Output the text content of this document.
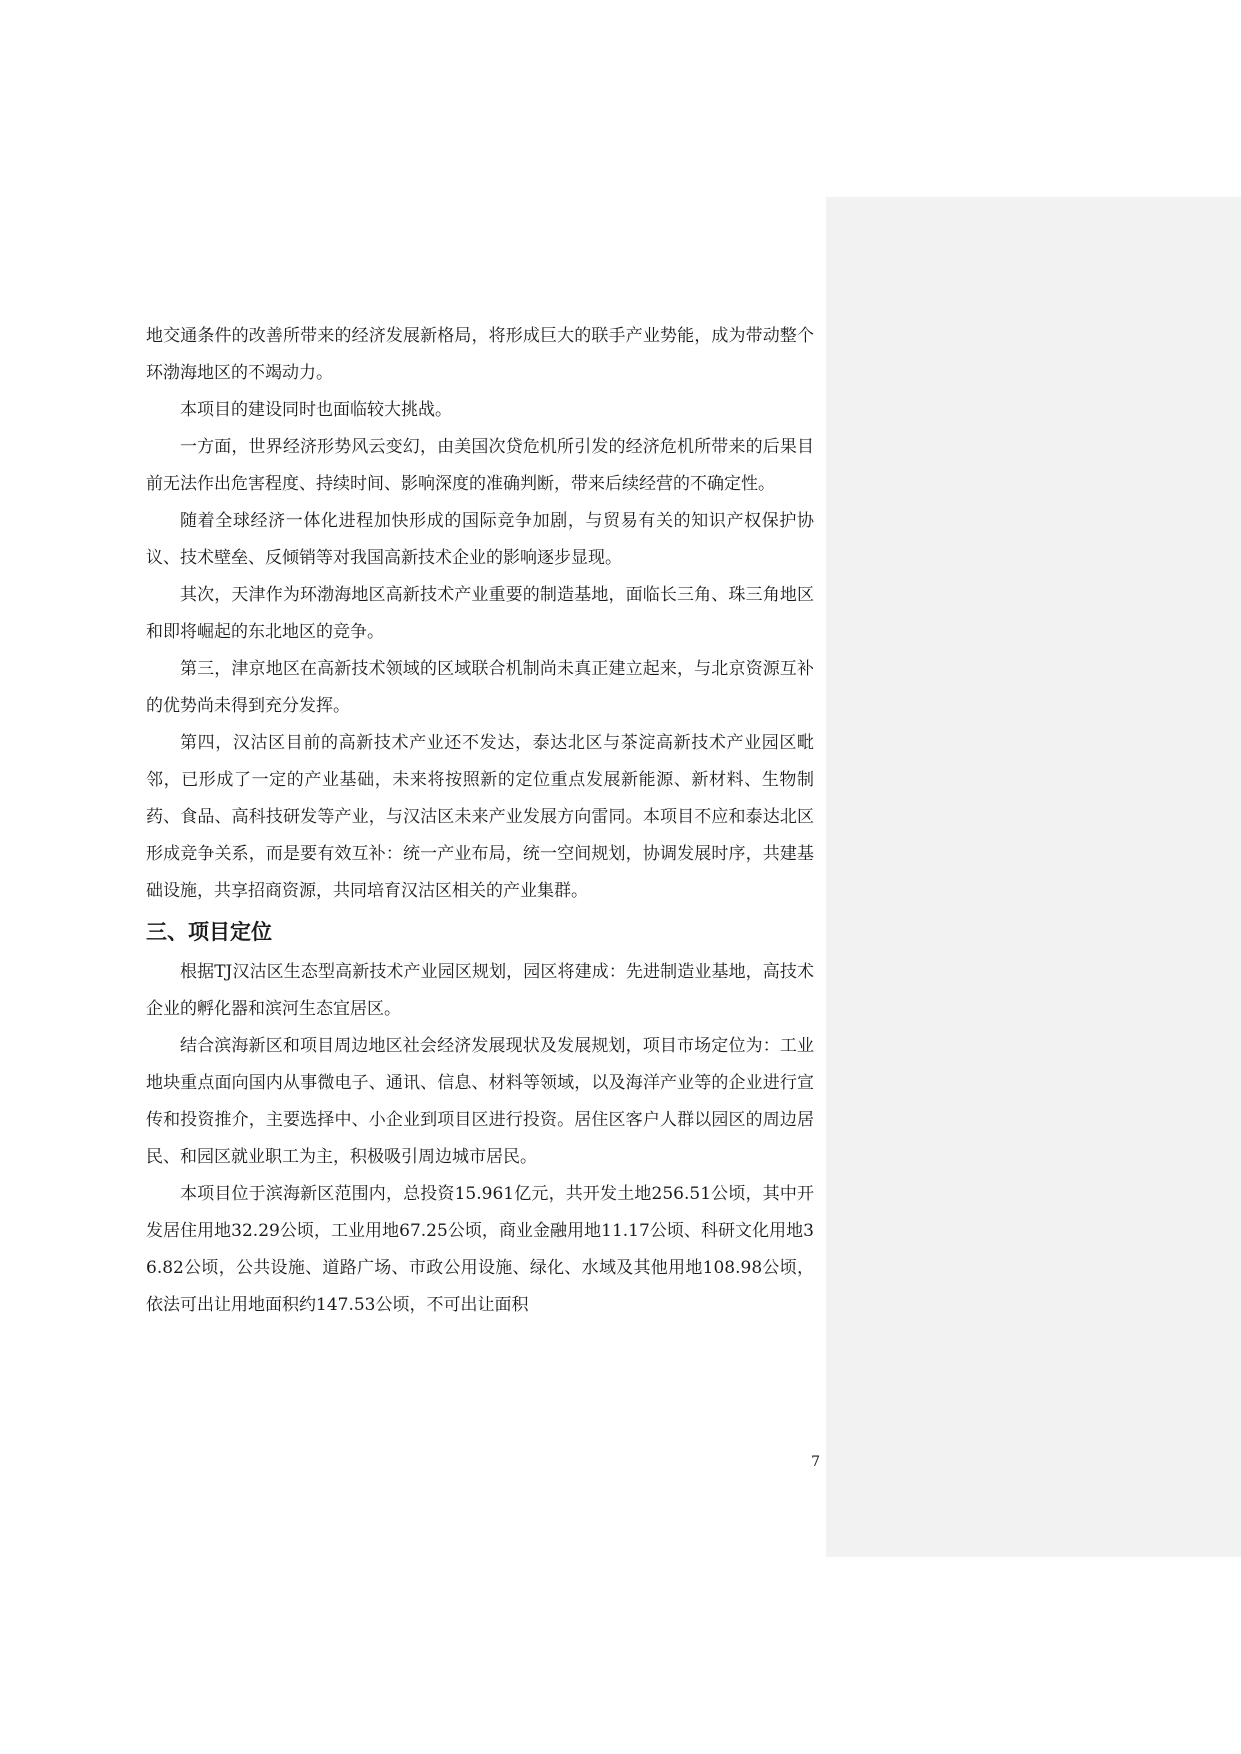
地交通条件的改善所带来的经济发展新格局，将形成巨大的联手产业势能，成为带动整个环渤海地区的不竭动力。

本项目的建设同时也面临较大挑战。

一方面，世界经济形势风云变幻，由美国次贷危机所引发的经济危机所带来的后果目前无法作出危害程度、持续时间、影响深度的准确判断，带来后续经营的不确定性。

随着全球经济一体化进程加快形成的国际竞争加剧，与贸易有关的知识产权保护协议、技术壁垒、反倾销等对我国高新技术企业的影响逐步显现。

其次，天津作为环渤海地区高新技术产业重要的制造基地，面临长三角、珠三角地区和即将崛起的东北地区的竞争。

第三，津京地区在高新技术领域的区域联合机制尚未真正建立起来，与北京资源互补的优势尚未得到充分发挥。

第四，汉沽区目前的高新技术产业还不发达，泰达北区与茶淀高新技术产业园区毗邻，已形成了一定的产业基础，未来将按照新的定位重点发展新能源、新材料、生物制药、食品、高科技研发等产业，与汉沽区未来产业发展方向雷同。本项目不应和泰达北区形成竞争关系，而是要有效互补：统一产业布局，统一空间规划，协调发展时序，共建基础设施，共享招商资源，共同培育汉沽区相关的产业集群。

三、项目定位

根据TJ汉沽区生态型高新技术产业园区规划，园区将建成：先进制造业基地，高技术企业的孵化器和滨河生态宜居区。

结合滨海新区和项目周边地区社会经济发展现状及发展规划，项目市场定位为：工业地块重点面向国内从事微电子、通讯、信息、材料等领域，以及海洋产业等的企业进行宣传和投资推介，主要选择中、小企业到项目区进行投资。居住区客户人群以园区的周边居民、和园区就业职工为主，积极吸引周边城市居民。

本项目位于滨海新区范围内，总投资15.961亿元，共开发土地256.51公顷，其中开发居住用地32.29公顷，工业用地67.25公顷，商业金融用地11.17公顷、科研文化用地36.82公顷，公共设施、道路广场、市政公用设施、绿化、水域及其他用地108.98公顷，依法可出让用地面积约147.53公顷，不可出让面积

7
